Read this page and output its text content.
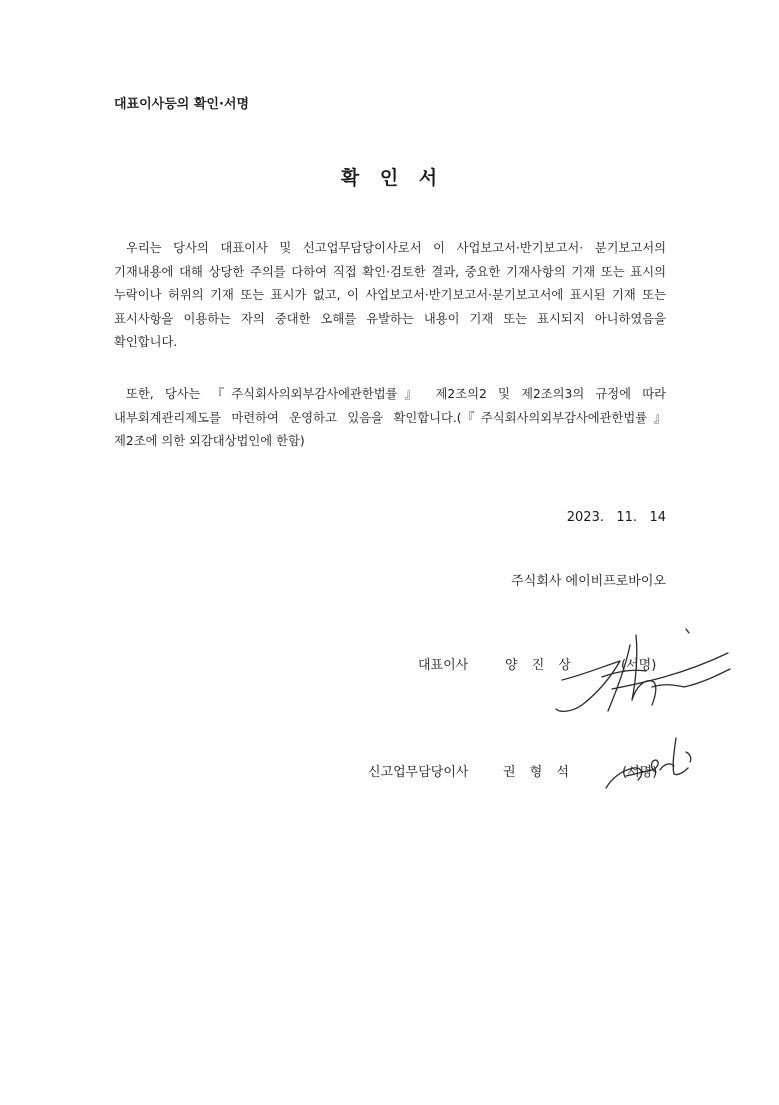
대표이사등의 확인·서명
확 인 서

우리는 당사의 대표이사 및 신고업무담당이사로서 이 사업보고서·반기보고서· 분기보고서의 기재내용에 대해 상당한 주의를 다하여 직접 확인·검토한 결과, 중요한 기재사항의 기재 또는 표시의 누락이나 허위의 기재 또는 표시가 없고, 이 사업보고서·반기보고서·분기보고서에 표시된 기재 또는 표시사항을 이용하는 자의 중대한 오해를 유발하는 내용이 기재 또는 표시되지 아니하였음을 확인합니다.

또한, 당사는 『주식회사의외부감사에관한법률』 제2조의2 및 제2조의3의 규정에 따라 내부회계관리제도를 마련하여 운영하고 있음을 확인합니다.(『주식회사의외부감사에관한법률』 제2조에 의한 외감대상법인에 한함)

2023.   11.   14
주식회사 에이비프로바이오
대표이사	양 진 상	(서명)
신고업무담당이사	권 형 석	(서명)
